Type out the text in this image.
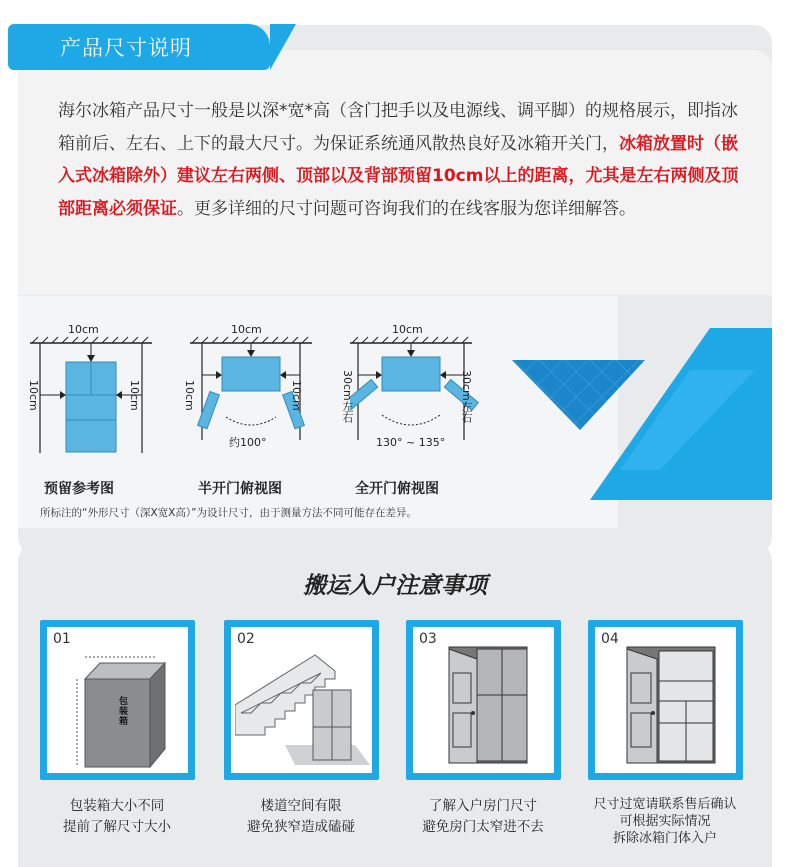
产品尺寸说明
海尔冰箱产品尺寸一般是以深*宽*高（含门把手以及电源线、调平脚）的规格展示，即指冰箱前后、左右、上下的最大尺寸。为保证系统通风散热良好及冰箱开关门，冰箱放置时（嵌入式冰箱除外）建议左右两侧、顶部以及背部预留10cm以上的距离，尤其是左右两侧及顶部距离必须保证。更多详细的尺寸问题可咨询我们的在线客服为您详细解答。
10cm
10cm	10cm
预留参考图
10cm
10cm	10cm
约100°
半开门俯视图
10cm
30cm左右	30cm左右
130° ~ 135°
全开门俯视图
所标注的“外形尺寸（深X宽X高）”为设计尺寸，由于测量方法不同可能存在差异。
搬运入户注意事项
01
包装箱
包装箱大小不同
提前了解尺寸大小
02
楼道空间有限
避免狭窄造成磕碰
03
了解入户房门尺寸
避免房门太窄进不去
04
尺寸过宽请联系售后确认
可根据实际情况
拆除冰箱门体入户
